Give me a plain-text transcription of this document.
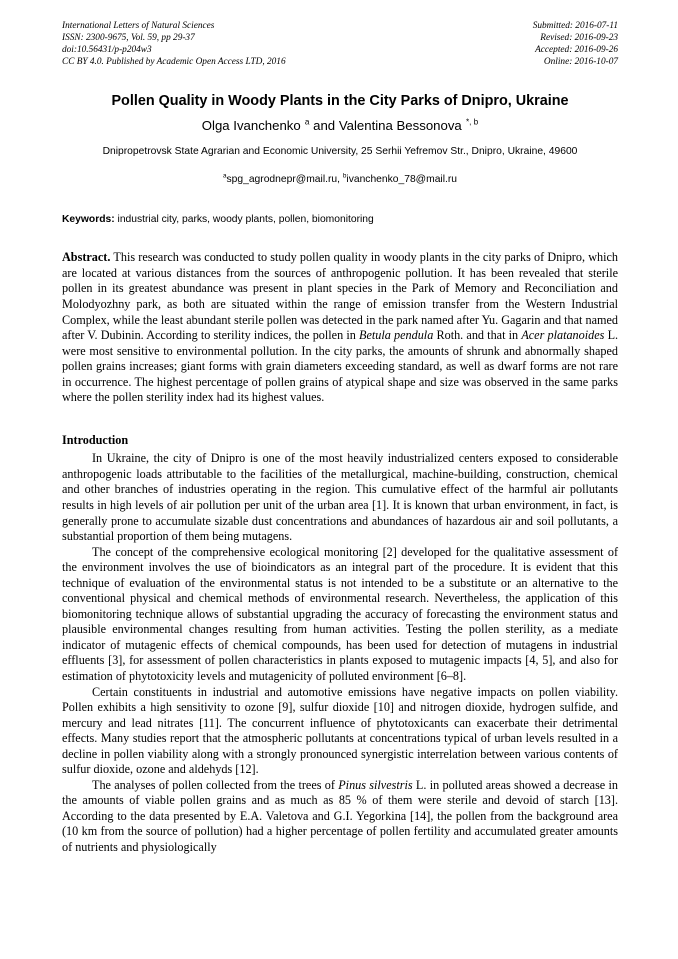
International Letters of Natural Sciences
ISSN: 2300-9675, Vol. 59, pp 29-37
doi:10.56431/p-p204w3
CC BY 4.0. Published by Academic Open Access LTD, 2016
Submitted: 2016-07-11
Revised: 2016-09-23
Accepted: 2016-09-26
Online: 2016-10-07
Pollen Quality in Woody Plants in the City Parks of Dnipro, Ukraine
Olga Ivanchenko $^a$ and Valentina Bessonova $^{*, b}$
Dnipropetrovsk State Agrarian and Economic University, 25 Serhii Yefremov Str., Dnipro, Ukraine, 49600
$^a$spg_agrodnepr@mail.ru, $^b$ivanchenko_78@mail.ru
Keywords: industrial city, parks, woody plants, pollen, biomonitoring
Abstract. This research was conducted to study pollen quality in woody plants in the city parks of Dnipro, which are located at various distances from the sources of anthropogenic pollution. It has been revealed that sterile pollen in its greatest abundance was present in plant species in the Park of Memory and Reconciliation and Molodyozhny park, as both are situated within the range of emission transfer from the Western Industrial Complex, while the least abundant sterile pollen was detected in the park named after Yu. Gagarin and that named after V. Dubinin. According to sterility indices, the pollen in Betula pendula Roth. and that in Acer platanoides L. were most sensitive to environmental pollution. In the city parks, the amounts of shrunk and abnormally shaped pollen grains increases; giant forms with grain diameters exceeding standard, as well as dwarf forms are not rare in occurrence. The highest percentage of pollen grains of atypical shape and size was observed in the same parks where the pollen sterility index had its highest values.
Introduction
In Ukraine, the city of Dnipro is one of the most heavily industrialized centers exposed to considerable anthropogenic loads attributable to the facilities of the metallurgical, machine-building, construction, chemical and other branches of industries operating in the region. This cumulative effect of the harmful air pollutants results in high levels of air pollution per unit of the urban area [1]. It is known that urban environment, in fact, is generally prone to accumulate sizable dust concentrations and abundances of hazardous air and soil pollutants, a substantial proportion of them being mutagens.
The concept of the comprehensive ecological monitoring [2] developed for the qualitative assessment of the environment involves the use of bioindicators as an integral part of the procedure. It is evident that this technique of evaluation of the environmental status is not intended to be a substitute or an alternative to the conventional physical and chemical methods of environmental research. Nevertheless, the application of this biomonitoring technique allows of substantial upgrading the accuracy of forecasting the environment status and plausible environmental changes resulting from human activities. Testing the pollen sterility, as a mediate indicator of mutagenic effects of chemical compounds, has been used for detection of mutagens in industrial effluents [3], for assessment of pollen characteristics in plants exposed to mutagenic impacts [4, 5], and also for estimation of phytotoxicity levels and mutagenicity of polluted environment [6–8].
Certain constituents in industrial and automotive emissions have negative impacts on pollen viability. Pollen exhibits a high sensitivity to ozone [9], sulfur dioxide [10] and nitrogen dioxide, hydrogen sulfide, and mercury and lead nitrates [11]. The concurrent influence of phytotoxicants can exacerbate their detrimental effects. Many studies report that the atmospheric pollutants at concentrations typical of urban levels resulted in a decline in pollen viability along with a strongly pronounced synergistic interrelation between various contents of sulfur dioxide, ozone and aldehyds [12].
The analyses of pollen collected from the trees of Pinus silvestris L. in polluted areas showed a decrease in the amounts of viable pollen grains and as much as 85 % of them were sterile and devoid of starch [13]. According to the data presented by E.A. Valetova and G.I. Yegorkina [14], the pollen from the background area (10 km from the source of pollution) had a higher percentage of pollen fertility and accumulated greater amounts of nutrients and physiologically
